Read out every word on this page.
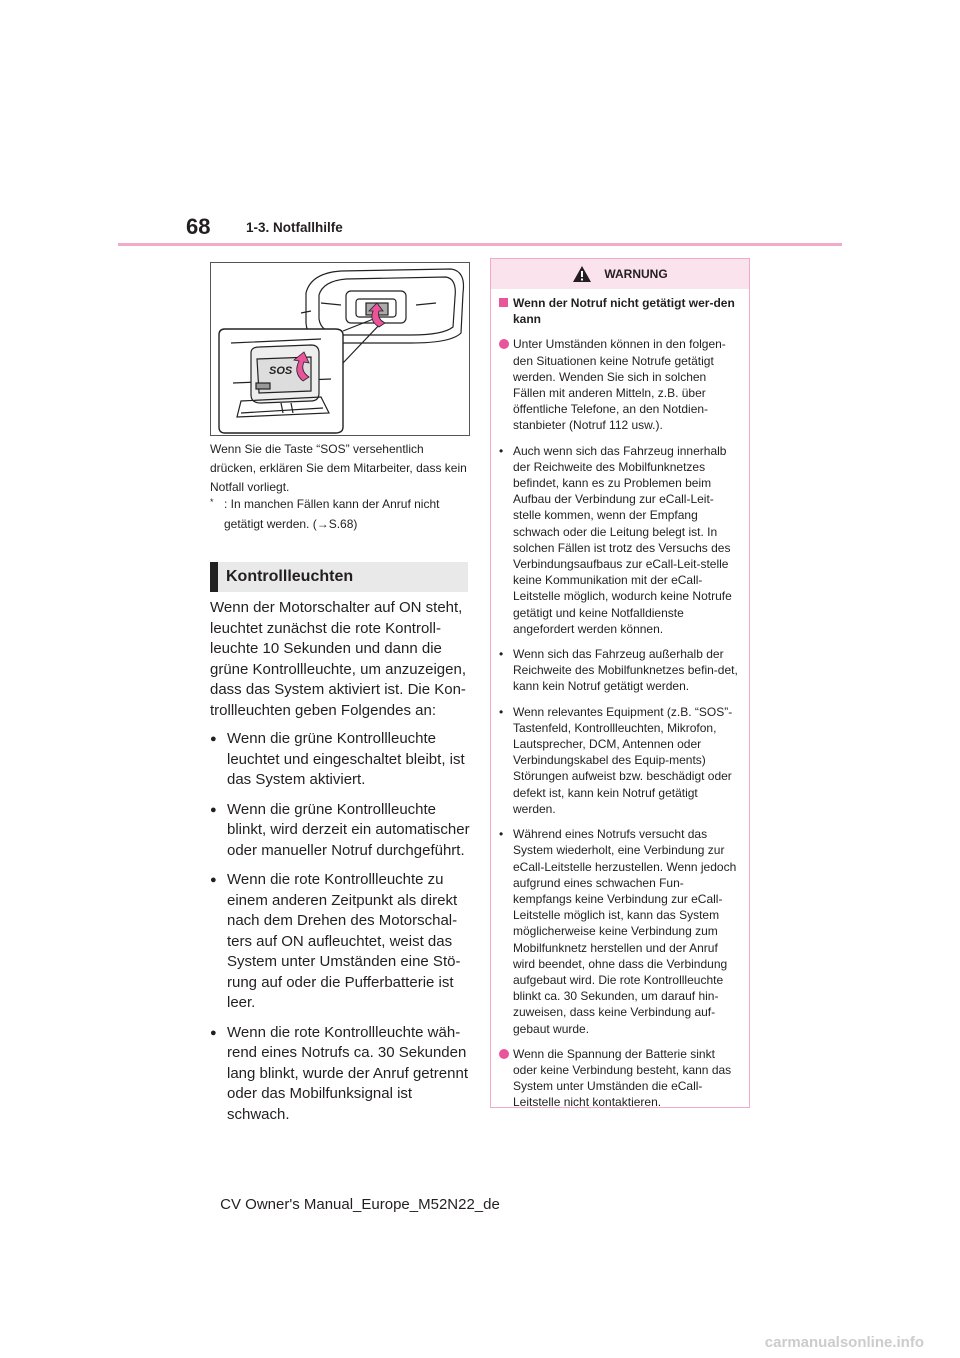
68	1-3. Notfallhilfe
SOS

Wenn Sie die Taste “SOS” versehentlich drücken, erklären Sie dem Mitarbeiter, dass kein Notfall vorliegt.

* : In manchen Fällen kann der Anruf nicht getätigt werden. (→S.68)
Kontrollleuchten

Wenn der Motorschalter auf ON steht, leuchtet zunächst die rote Kontroll-leuchte 10 Sekunden und dann die grüne Kontrollleuchte, um anzuzeigen, dass das System aktiviert ist. Die Kon-trollleuchten geben Folgendes an:

● Wenn die grüne Kontrollleuchte leuchtet und eingeschaltet bleibt, ist das System aktiviert.
● Wenn die grüne Kontrollleuchte blinkt, wird derzeit ein automatischer oder manueller Notruf durchgeführt.
● Wenn die rote Kontrollleuchte zu einem anderen Zeitpunkt als direkt nach dem Drehen des Motorschal-ters auf ON aufleuchtet, weist das System unter Umständen eine Stö-rung auf oder die Pufferbatterie ist leer.
● Wenn die rote Kontrollleuchte wäh-rend eines Notrufs ca. 30 Sekunden lang blinkt, wurde der Anruf getrennt oder das Mobilfunksignal ist schwach.
WARNUNG
Wenn der Notruf nicht getätigt wer-den kann
Unter Umständen können in den folgen-den Situationen keine Notrufe getätigt werden. Wenden Sie sich in solchen Fällen mit anderen Mitteln, z.B. über öffentliche Telefone, an den Notdien-stanbieter (Notruf 112 usw.).
• Auch wenn sich das Fahrzeug innerhalb der Reichweite des Mobilfunknetzes befindet, kann es zu Problemen beim Aufbau der Verbindung zur eCall-Leit-stelle kommen, wenn der Empfang schwach oder die Leitung belegt ist. In solchen Fällen ist trotz des Versuchs des Verbindungsaufbaus zur eCall-Leit-stelle keine Kommunikation mit der eCall-Leitstelle möglich, wodurch keine Notrufe getätigt und keine Notfalldienste angefordert werden können.
• Wenn sich das Fahrzeug außerhalb der Reichweite des Mobilfunknetzes befin-det, kann kein Notruf getätigt werden.
• Wenn relevantes Equipment (z.B. “SOS”-Tastenfeld, Kontrollleuchten, Mikrofon, Lautsprecher, DCM, Antennen oder Verbindungskabel des Equip-ments) Störungen aufweist bzw. beschädigt oder defekt ist, kann kein Notruf getätigt werden.
• Während eines Notrufs versucht das System wiederholt, eine Verbindung zur eCall-Leitstelle herzustellen. Wenn jedoch aufgrund eines schwachen Fun-kempfangs keine Verbindung zur eCall-Leitstelle möglich ist, kann das System möglicherweise keine Verbindung zum Mobilfunknetz herstellen und der Anruf wird beendet, ohne dass die Verbindung aufgebaut wird. Die rote Kontrollleuchte blinkt ca. 30 Sekunden, um darauf hin-zuweisen, dass keine Verbindung auf-gebaut wurde.
Wenn die Spannung der Batterie sinkt oder keine Verbindung besteht, kann das System unter Umständen die eCall-Leitstelle nicht kontaktieren.
CV Owner's Manual_Europe_M52N22_de
carmanualsonline.info
